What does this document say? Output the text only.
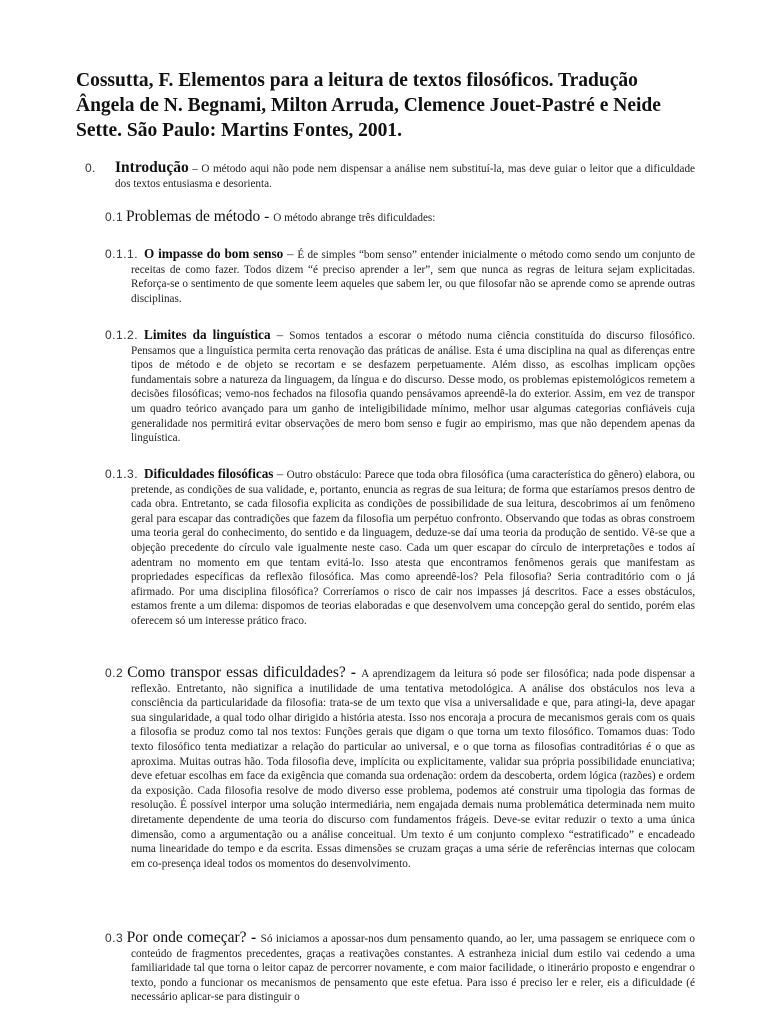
Cossutta, F. Elementos para a leitura de textos filosóficos. Tradução Ângela de N. Begnami, Milton Arruda, Clemence Jouet-Pastré e Neide Sette. São Paulo: Martins Fontes, 2001.
0. Introdução – O método aqui não pode nem dispensar a análise nem substituí-la, mas deve guiar o leitor que a dificuldade dos textos entusiasma e desorienta.
0.1 Problemas de método - O método abrange três dificuldades:
0.1.1. O impasse do bom senso – É de simples “bom senso” entender inicialmente o método como sendo um conjunto de receitas de como fazer. Todos dizem “é preciso aprender a ler”, sem que nunca as regras de leitura sejam explicitadas. Reforça-se o sentimento de que somente leem aqueles que sabem ler, ou que filosofar não se aprende como se aprende outras disciplinas.
0.1.2. Limites da linguística – Somos tentados a escorar o método numa ciência constituída do discurso filosófico. Pensamos que a linguística permita certa renovação das práticas de análise. Esta é uma disciplina na qual as diferenças entre tipos de método e de objeto se recortam e se desfazem perpetuamente. Além disso, as escolhas implicam opções fundamentais sobre a natureza da linguagem, da língua e do discurso. Desse modo, os problemas epistemológicos remetem a decisões filosóficas; vemo-nos fechados na filosofia quando pensávamos apreendê-la do exterior. Assim, em vez de transpor um quadro teórico avançado para um ganho de inteligibilidade mínimo, melhor usar algumas categorias confiáveis cuja generalidade nos permitirá evitar observações de mero bom senso e fugir ao empirismo, mas que não dependem apenas da linguística.
0.1.3. Dificuldades filosóficas – Outro obstáculo: Parece que toda obra filosófica (uma característica do gênero) elabora, ou pretende, as condições de sua validade, e, portanto, enuncia as regras de sua leitura; de forma que estaríamos presos dentro de cada obra. Entretanto, se cada filosofia explicita as condições de possibilidade de sua leitura, descobrimos aí um fenômeno geral para escapar das contradições que fazem da filosofia um perpétuo confronto. Observando que todas as obras constroem uma teoria geral do conhecimento, do sentido e da linguagem, deduze-se daí uma teoria da produção de sentido. Vê-se que a objeção precedente do círculo vale igualmente neste caso. Cada um quer escapar do círculo de interpretações e todos aí adentram no momento em que tentam evitá-lo. Isso atesta que encontramos fenômenos gerais que manifestam as propriedades específicas da reflexão filosófica. Mas como apreendê-los? Pela filosofia? Seria contraditório com o já afirmado. Por uma disciplina filosófica? Correríamos o risco de cair nos impasses já descritos. Face a esses obstáculos, estamos frente a um dilema: dispomos de teorias elaboradas e que desenvolvem uma concepção geral do sentido, porém elas oferecem só um interesse prático fraco.
0.2 Como transpor essas dificuldades? - A aprendizagem da leitura só pode ser filosófica; nada pode dispensar a reflexão. Entretanto, não significa a inutilidade de uma tentativa metodológica. A análise dos obstáculos nos leva a consciência da particularidade da filosofia: trata-se de um texto que visa a universalidade e que, para atingi-la, deve apagar sua singularidade, a qual todo olhar dirigido a história atesta. Isso nos encoraja a procura de mecanismos gerais com os quais a filosofia se produz como tal nos textos: Funções gerais que digam o que torna um texto filosófico. Tomamos duas: Todo texto filosófico tenta mediatizar a relação do particular ao universal, e o que torna as filosofias contraditórias é o que as aproxima. Muitas outras hão. Toda filosofia deve, implícita ou explicitamente, validar sua própria possibilidade enunciativa; deve efetuar escolhas em face da exigência que comanda sua ordenação: ordem da descoberta, ordem lógica (razões) e ordem da exposição. Cada filosofia resolve de modo diverso esse problema, podemos até construir uma tipologia das formas de resolução. É possível interpor uma solução intermediária, nem engajada demais numa problemática determinada nem muito diretamente dependente de uma teoria do discurso com fundamentos frágeis. Deve-se evitar reduzir o texto a uma única dimensão, como a argumentação ou a análise conceitual. Um texto é um conjunto complexo “estratificado” e encadeado numa linearidade do tempo e da escrita. Essas dimensões se cruzam graças a uma série de referências internas que colocam em co-presença ideal todos os momentos do desenvolvimento.
0.3 Por onde começar? - Só iniciamos a apossar-nos dum pensamento quando, ao ler, uma passagem se enriquece com o conteúdo de fragmentos precedentes, graças a reativações constantes. A estranheza inicial dum estilo vai cedendo a uma familiaridade tal que torna o leitor capaz de percorrer novamente, e com maior facilidade, o itinerário proposto e engendrar o texto, pondo a funcionar os mecanismos de pensamento que este efetua. Para isso é preciso ler e reler, eis a dificuldade (é necessário aplicar-se para distinguir o
